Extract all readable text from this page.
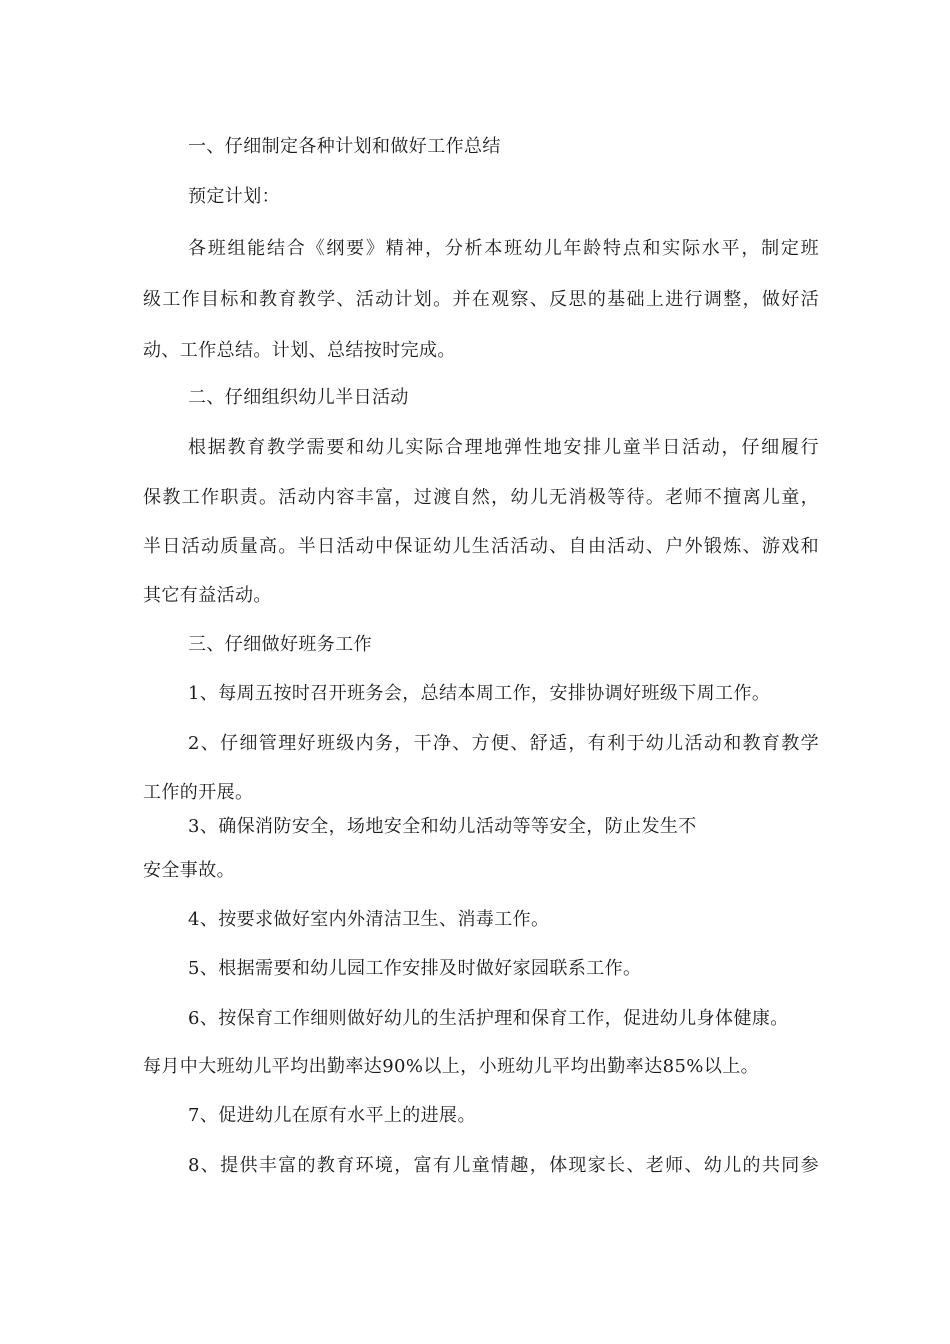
一、仔细制定各种计划和做好工作总结
预定计划：
各班组能结合《纲要》精神，分析本班幼儿年龄特点和实际水平，制定班
级工作目标和教育教学、活动计划。并在观察、反思的基础上进行调整，做好活
动、工作总结。计划、总结按时完成。
二、仔细组织幼儿半日活动
根据教育教学需要和幼儿实际合理地弹性地安排儿童半日活动，仔细履行
保教工作职责。活动内容丰富，过渡自然，幼儿无消极等待。老师不擅离儿童，
半日活动质量高。半日活动中保证幼儿生活活动、自由活动、户外锻炼、游戏和
其它有益活动。
三、仔细做好班务工作
1、每周五按时召开班务会，总结本周工作，安排协调好班级下周工作。
2、仔细管理好班级内务，干净、方便、舒适，有利于幼儿活动和教育教学
工作的开展。
3、确保消防安全，场地安全和幼儿活动等等安全，防止发生不
安全事故。
4、按要求做好室内外清洁卫生、消毒工作。
5、根据需要和幼儿园工作安排及时做好家园联系工作。
6、按保育工作细则做好幼儿的生活护理和保育工作，促进幼儿身体健康。
每月中大班幼儿平均出勤率达90%以上，小班幼儿平均出勤率达85%以上。
7、促进幼儿在原有水平上的进展。
8、提供丰富的教育环境，富有儿童情趣，体现家长、老师、幼儿的共同参
